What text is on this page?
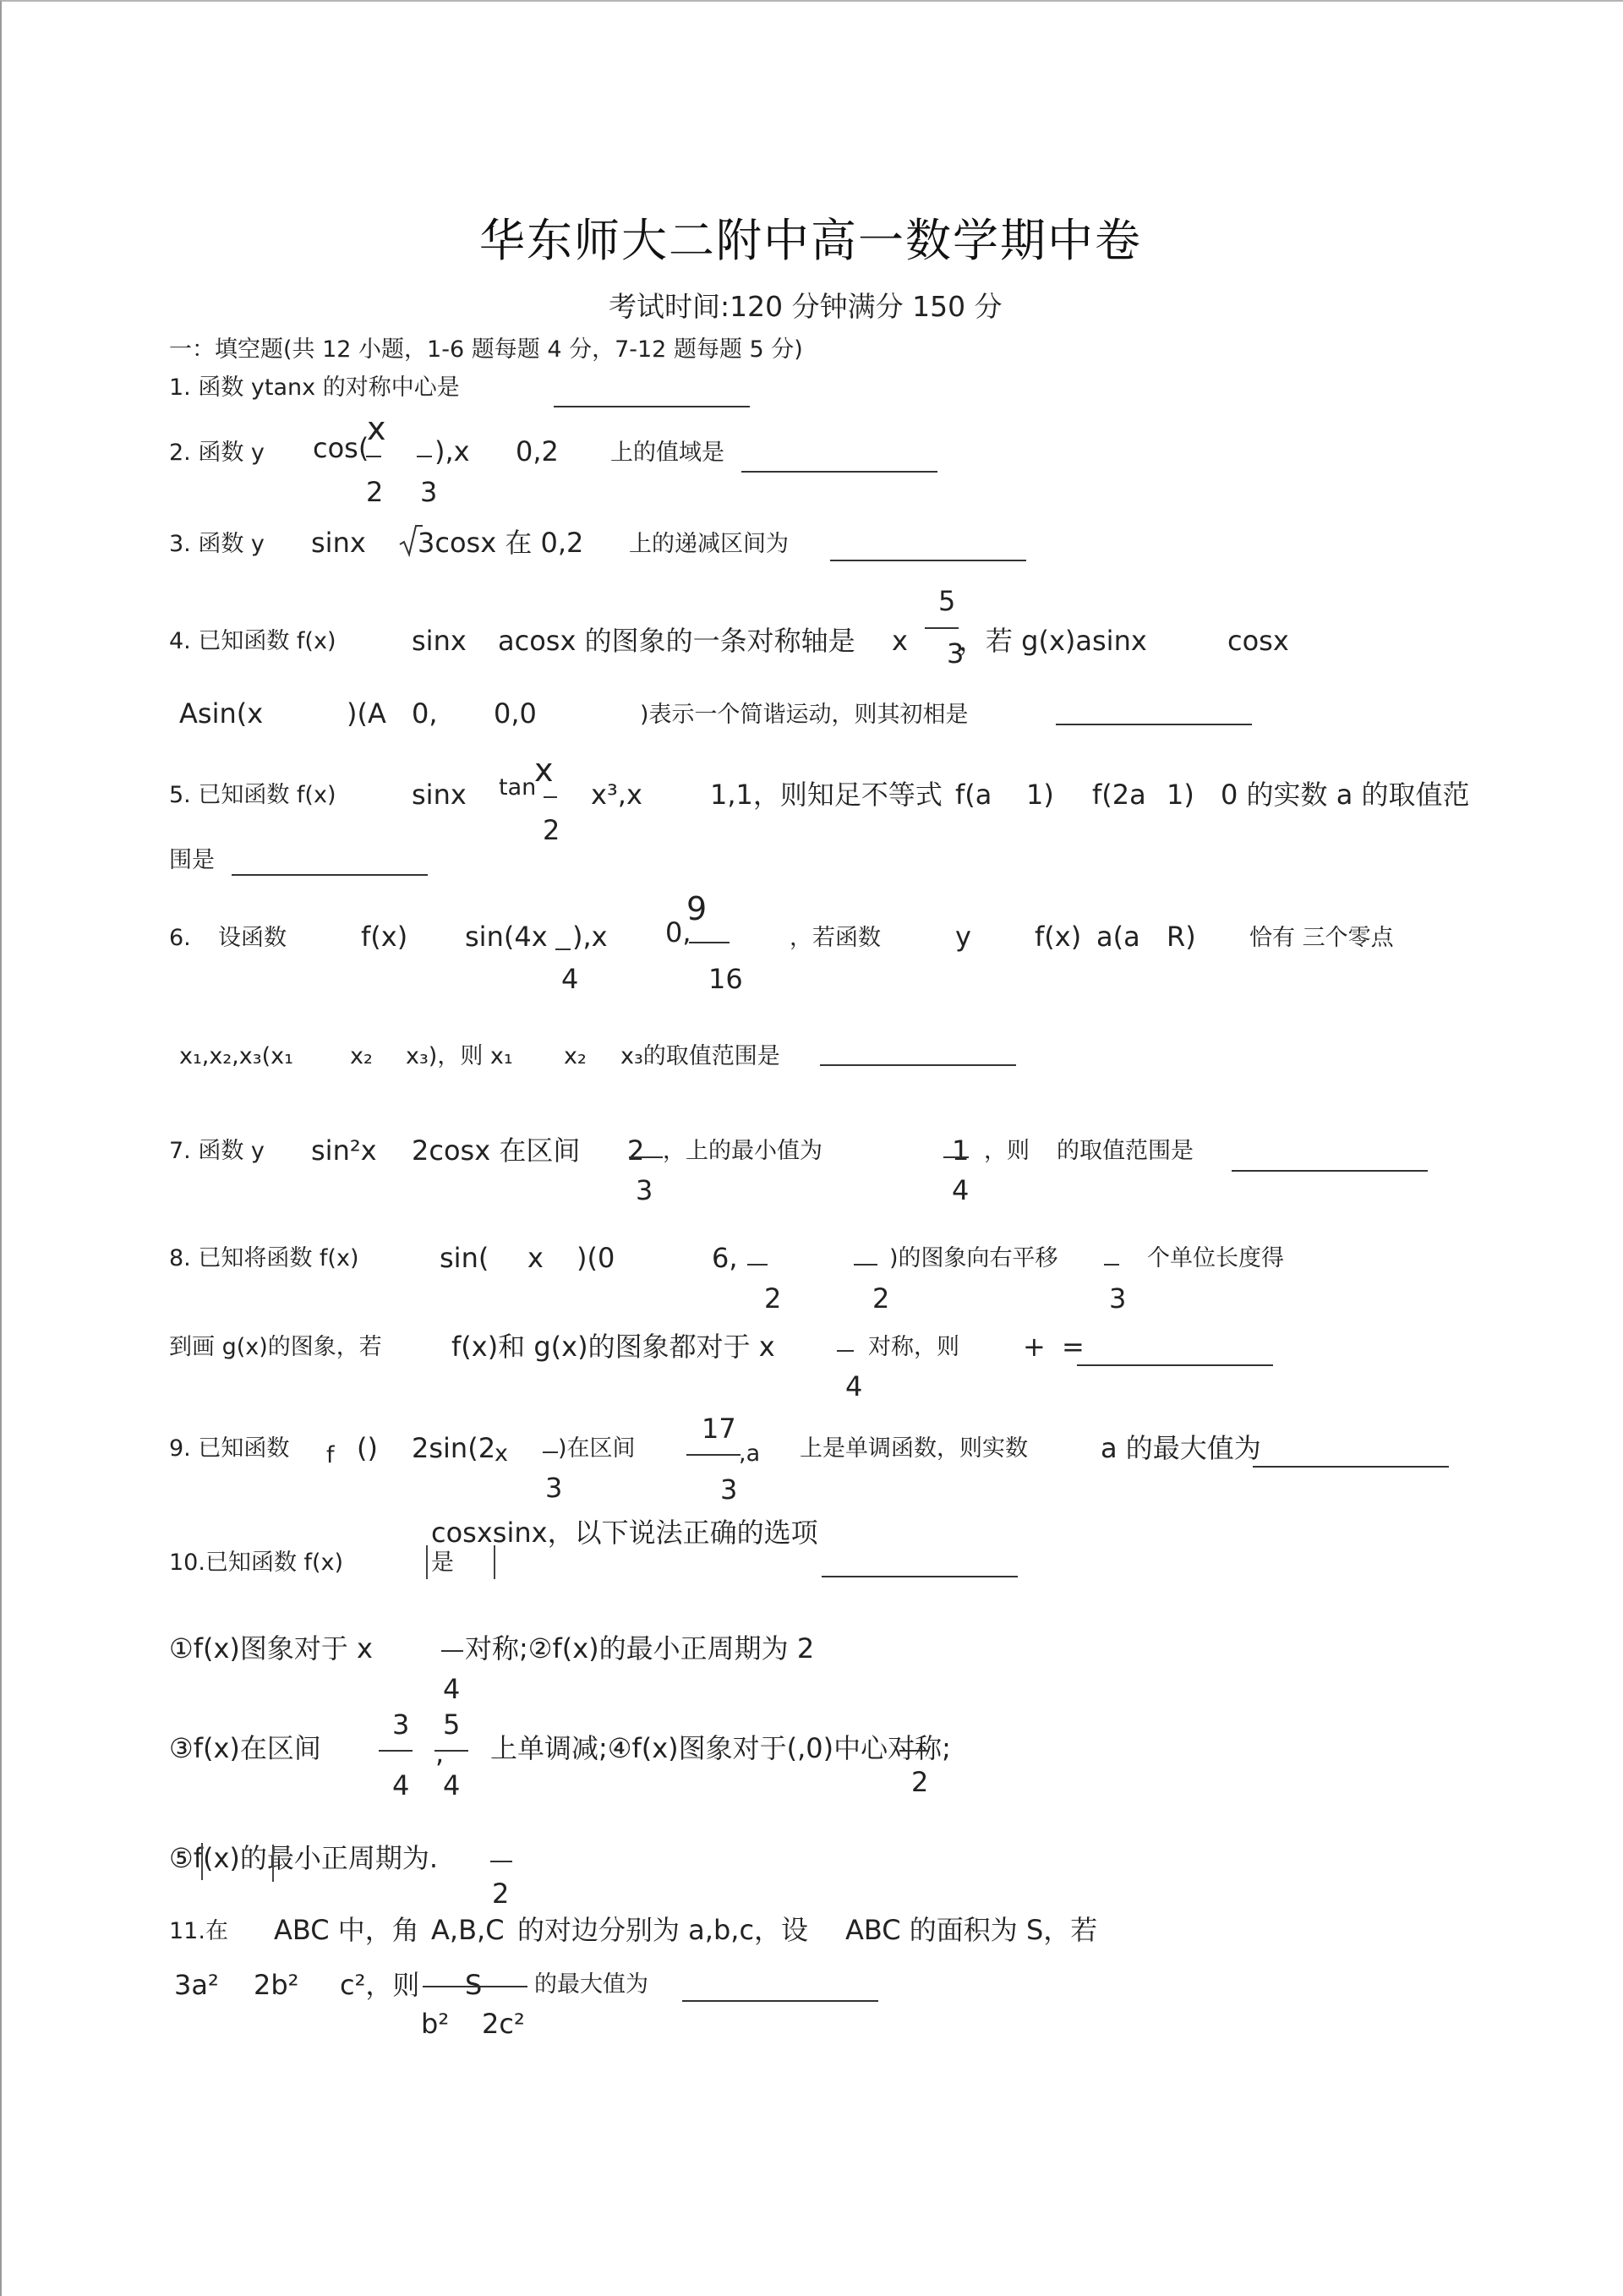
华东师大二附中高一数学期中卷
考试时间:120 分钟满分 150 分
一：填空题(共 12 小题，1-6 题每题 4 分，7-12 题每题 5 分)
1. 函数 ytanx 的对称中心是
2. 函数 y cos(
x
2 3
),x 0,2 上的值域是
3. 函数 y sinx 3cosx 在 0,2 上的递减区间为
4. 已知函数 f(x)	sinx acosx 的图象的一条对称轴是 x
5
3
，若 g(x)asinx	cosx
Asin(x	)(A 0, 0,0	)表示一个简谐运动，则其初相是
5. 已知函数 f(x)	sinx tan
x
2
x³,x	1,1，则知足不等式 f(a 1) f(2a 1) 0 的实数 a 的取值范
围是
6. 设函数	f(x) sin(4x
4
),x 0,
9
16
，若函数	y f(x) a(a R) 恰有 三个零点
x₁,x₂,x₃(x₁ x₂ x₃)，则 x₁ x₂ x₃的取值范围是
7. 函数 y sin²x 2cosx 在区间 2
3
，上的最小值为	1
4
，则 的取值范围是
8. 已知将函数 f(x)	sin( x )(0	6,
2	2
)的图象向右平移
3
个单位长度得
到画 g(x)的图象，若	f(x)和 g(x)的图象都对于 x
4
对称，则 + =
9. 已知函数 f () 2sin(2
x
3
)在区间
17
3
,a 上是单调函数，则实数	a 的最大值为
10.已知函数 f(x)
cosxsinx，以下说法正确的选项
是
①f(x)图象对于 x
4
对称;②f(x)的最小正周期为 2
③f(x)在区间
3
4
,
5
4
上单调减;④f(x)图象对于(,0)中心对称;
2
⑤f(x)的最小正周期为.
2
11.在 ABC 中，角 A,B,C 的对边分别为 a,b,c，设 ABC 的面积为 S，若
3a² 2b² c²，则 S
b² 2c²
的最大值为
